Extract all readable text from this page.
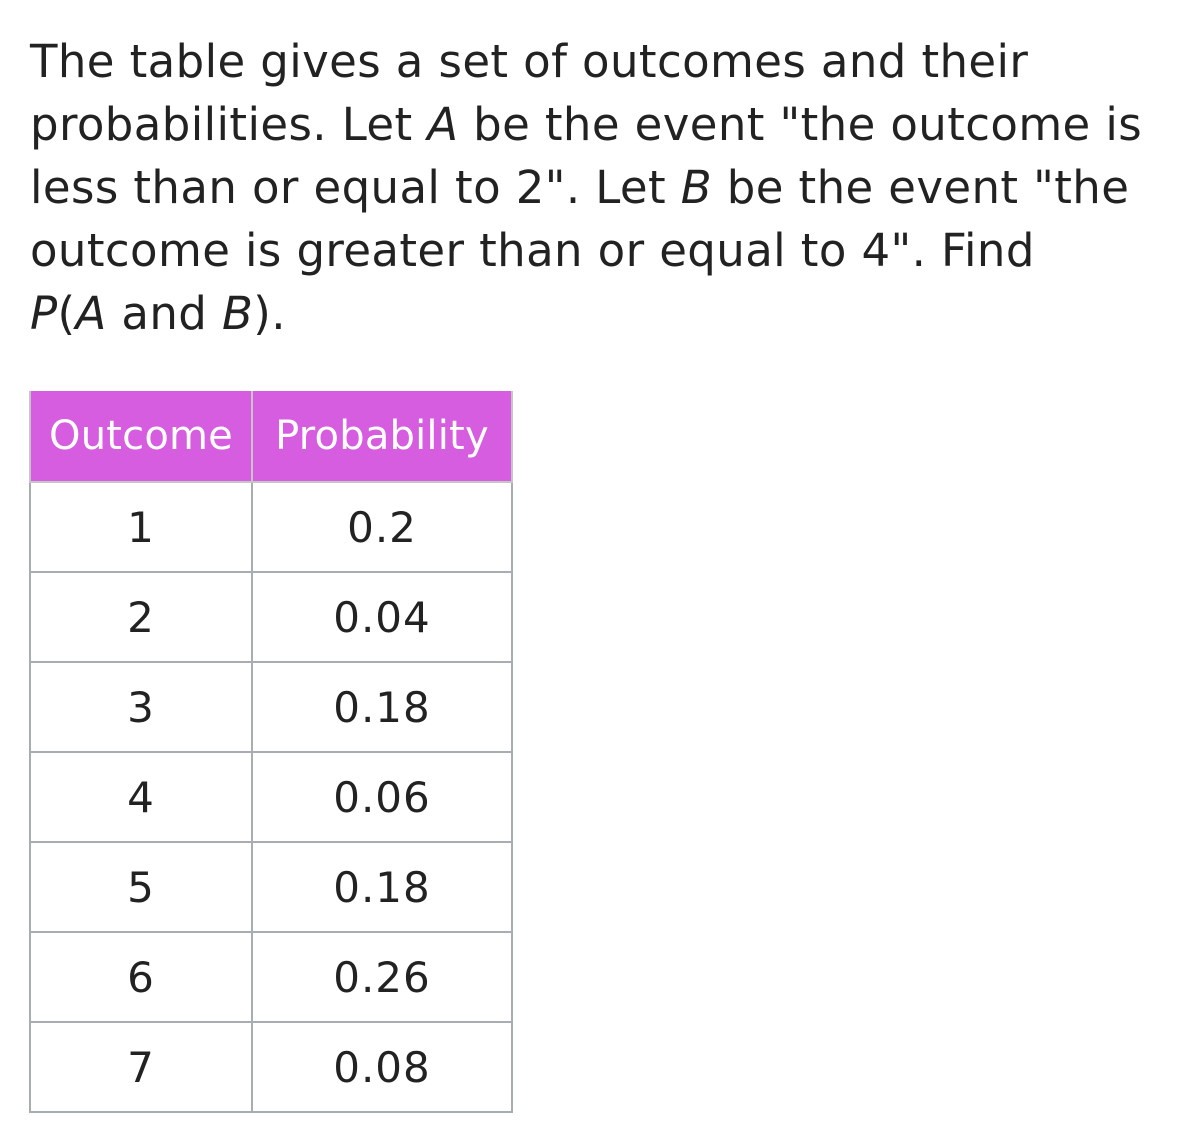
The table gives a set of outcomes and their
probabilities. Let A be the event "the outcome is
less than or equal to 2". Let B be the event "the
outcome is greater than or equal to 4". Find
P(A and B).
Outcome	Probability
1	0.2
2	0.04
3	0.18
4	0.06
5	0.18
6	0.26
7	0.08
